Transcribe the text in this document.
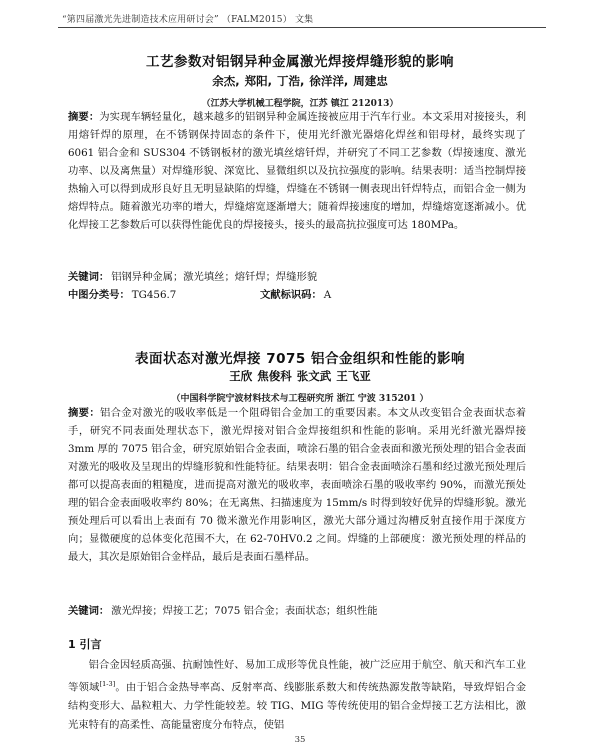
“第四届激光先进制造技术应用研讨会” （FALM2015） 文集
工艺参数对铝钢异种金属激光焊接焊缝形貌的影响
余杰, 郑阳, 丁浩, 徐洋洋, 周建忠
（江苏大学机械工程学院，江苏 镇江 212013）
摘要：为实现车辆轻量化，越来越多的铝钢异种金属连接被应用于汽车行业。本文采用对接接头，利用熔钎焊的原理，在不锈钢保持固态的条件下，使用光纤激光器熔化焊丝和铝母材，最终实现了 6061 铝合金和 SUS304 不锈钢板材的激光填丝熔钎焊，并研究了不同工艺参数（焊接速度、激光功率、以及离焦量）对焊缝形貌、深宽比、显微组织以及抗拉强度的影响。结果表明：适当控制焊接热输入可以得到成形良好且无明显缺陷的焊缝，焊缝在不锈钢一侧表现出钎焊特点，而铝合金一侧为熔焊特点。随着激光功率的增大，焊缝熔宽逐渐增大；随着焊接速度的增加，焊缝熔宽逐渐减小。优化焊接工艺参数后可以获得性能优良的焊接接头，接头的最高抗拉强度可达 180MPa。
关键词： 铝钢异种金属；激光填丝；熔钎焊；焊缝形貌
中图分类号： TG456.7	文献标识码： A
表面状态对激光焊接 7075 铝合金组织和性能的影响
王欣 焦俊科 张文武 王飞亚
（中国科学院宁波材料技术与工程研究所 浙江 宁波 315201 ）
摘要：铝合金对激光的吸收率低是一个阻碍铝合金加工的重要因素。本文从改变铝合金表面状态着手，研究不同表面处理状态下，激光焊接对铝合金焊接组织和性能的影响。采用光纤激光器焊接 3mm 厚的 7075 铝合金，研究原始铝合金表面，喷涂石墨的铝合金表面和激光预处理的铝合金表面对激光的吸收及呈现出的焊缝形貌和性能特征。结果表明：铝合金表面喷涂石墨和经过激光预处理后都可以提高表面的粗糙度，进而提高对激光的吸收率，表面喷涂石墨的吸收率约 90%，而激光预处理的铝合金表面吸收率约 80%；在无离焦、扫描速度为 15mm/s 时得到较好优异的焊缝形貌。激光预处理后可以看出上表面有 70 微米激光作用影响区，激光大部分通过沟槽反射直接作用于深度方向；显微硬度的总体变化范围不大，在 62-70HV0.2 之间。焊缝的上部硬度：激光预处理的样品的最大，其次是原始铝合金样品，最后是表面石墨样品。
关键词： 激光焊接；焊接工艺；7075 铝合金；表面状态；组织性能
1 引言
铝合金因轻质高强、抗耐蚀性好、易加工成形等优良性能，被广泛应用于航空、航天和汽车工业等领域[1-3]。由于铝合金热导率高、反射率高、线膨胀系数大和传统热源发散等缺陷，导致焊铝合金结构变形大、晶粒粗大、力学性能较差。较 TIG、MIG 等传统使用的铝合金焊接工艺方法相比，激光束特有的高柔性、高能量密度分布特点，使铝
35
